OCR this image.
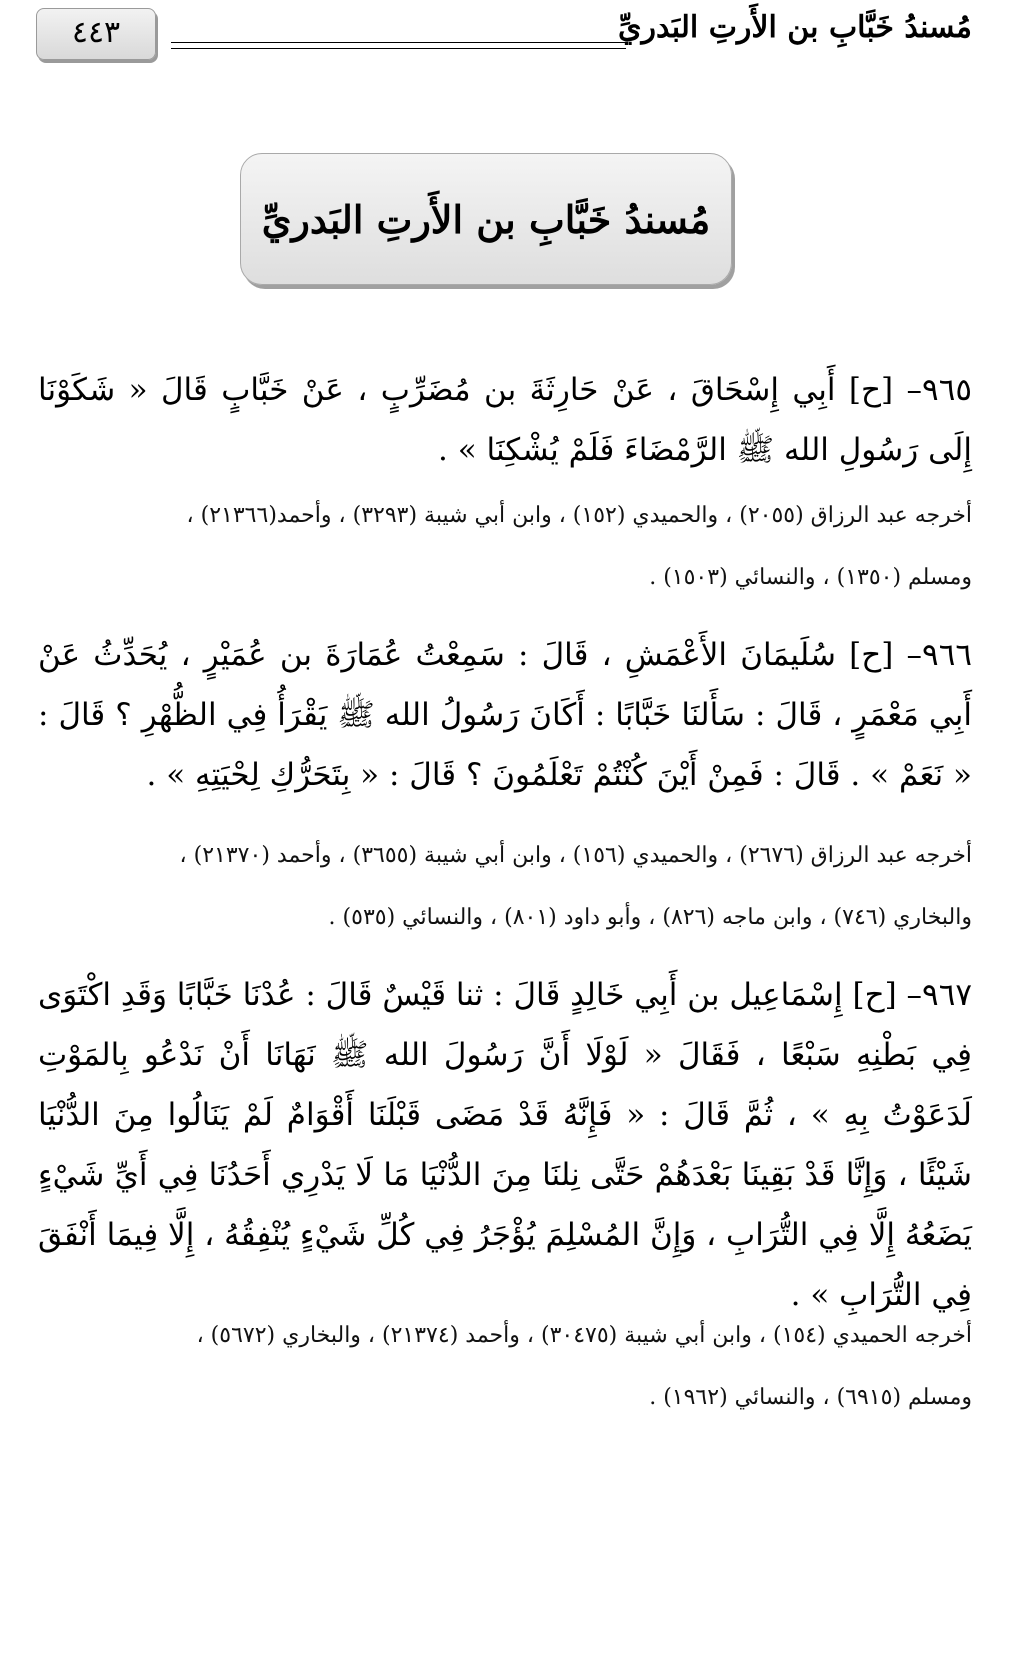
٤٤٣	مُسندُ خَبَّابِ بن الأَرتِ البَدريِّ
مُسندُ خَبَّابِ بن الأَرتِ البَدريِّ

٩٦٥– [ح] أَبِي إِسْحَاقَ ، عَنْ حَارِثَةَ بن مُضَرِّبٍ ، عَنْ خَبَّابٍ قَالَ « شَكَوْنَا إِلَى رَسُولِ الله ﷺ الرَّمْضَاءَ فَلَمْ يُشْكِنَا » .

أخرجه عبد الرزاق (٢٠٥٥) ، والحميدي (١٥٢) ، وابن أبي شيبة (٣٢٩٣) ، وأحمد(٢١٣٦٦) ،

ومسلم (١٣٥٠) ، والنسائي (١٥٠٣) .

٩٦٦– [ح] سُلَيمَانَ الأَعْمَشِ ، قَالَ : سَمِعْتُ عُمَارَةَ بن عُمَيْرٍ ، يُحَدِّثُ عَنْ أَبِي مَعْمَرٍ ، قَالَ : سَأَلنَا خَبَّابًا : أَكَانَ رَسُولُ الله ﷺ يَقْرَأُ فِي الظُّهْرِ ؟ قَالَ : « نَعَمْ » . قَالَ : فَمِنْ أَيْنَ كُنْتُمْ تَعْلَمُونَ ؟ قَالَ : « بِتَحَرُّكِ لِحْيَتِهِ » .

أخرجه عبد الرزاق (٢٦٧٦) ، والحميدي (١٥٦) ، وابن أبي شيبة (٣٦٥٥) ، وأحمد (٢١٣٧٠) ،

والبخاري (٧٤٦) ، وابن ماجه (٨٢٦) ، وأبو داود (٨٠١) ، والنسائي (٥٣٥) .

٩٦٧– [ح] إِسْمَاعِيل بن أَبِي خَالِدٍ قَالَ : ثنا قَيْسٌ قَالَ : عُدْنَا خَبَّابًا وَقَدِ اكْتَوَى فِي بَطْنِهِ سَبْعًا ، فَقَالَ « لَوْلَا أَنَّ رَسُولَ الله ﷺ نَهَانَا أَنْ نَدْعُو بِالمَوْتِ لَدَعَوْتُ بِهِ » ، ثُمَّ قَالَ : « فَإِنَّهُ قَدْ مَضَى قَبْلَنَا أَقْوَامٌ لَمْ يَنَالُوا مِنَ الدُّنْيَا شَيْئًا ، وَإِنَّا قَدْ بَقِينَا بَعْدَهُمْ حَتَّى نِلنَا مِنَ الدُّنْيَا مَا لَا يَدْرِي أَحَدُنَا فِي أَيِّ شَيْءٍ يَضَعُهُ إِلَّا فِي التُّرَابِ ، وَإِنَّ المُسْلِمَ يُؤْجَرُ فِي كُلِّ شَيْءٍ يُنْفِقُهُ ، إِلَّا فِيمَا أَنْفَقَ فِي التُّرَابِ » .

أخرجه الحميدي (١٥٤) ، وابن أبي شيبة (٣٠٤٧٥) ، وأحمد (٢١٣٧٤) ، والبخاري (٥٦٧٢) ،

ومسلم (٦٩١٥) ، والنسائي (١٩٦٢) .
